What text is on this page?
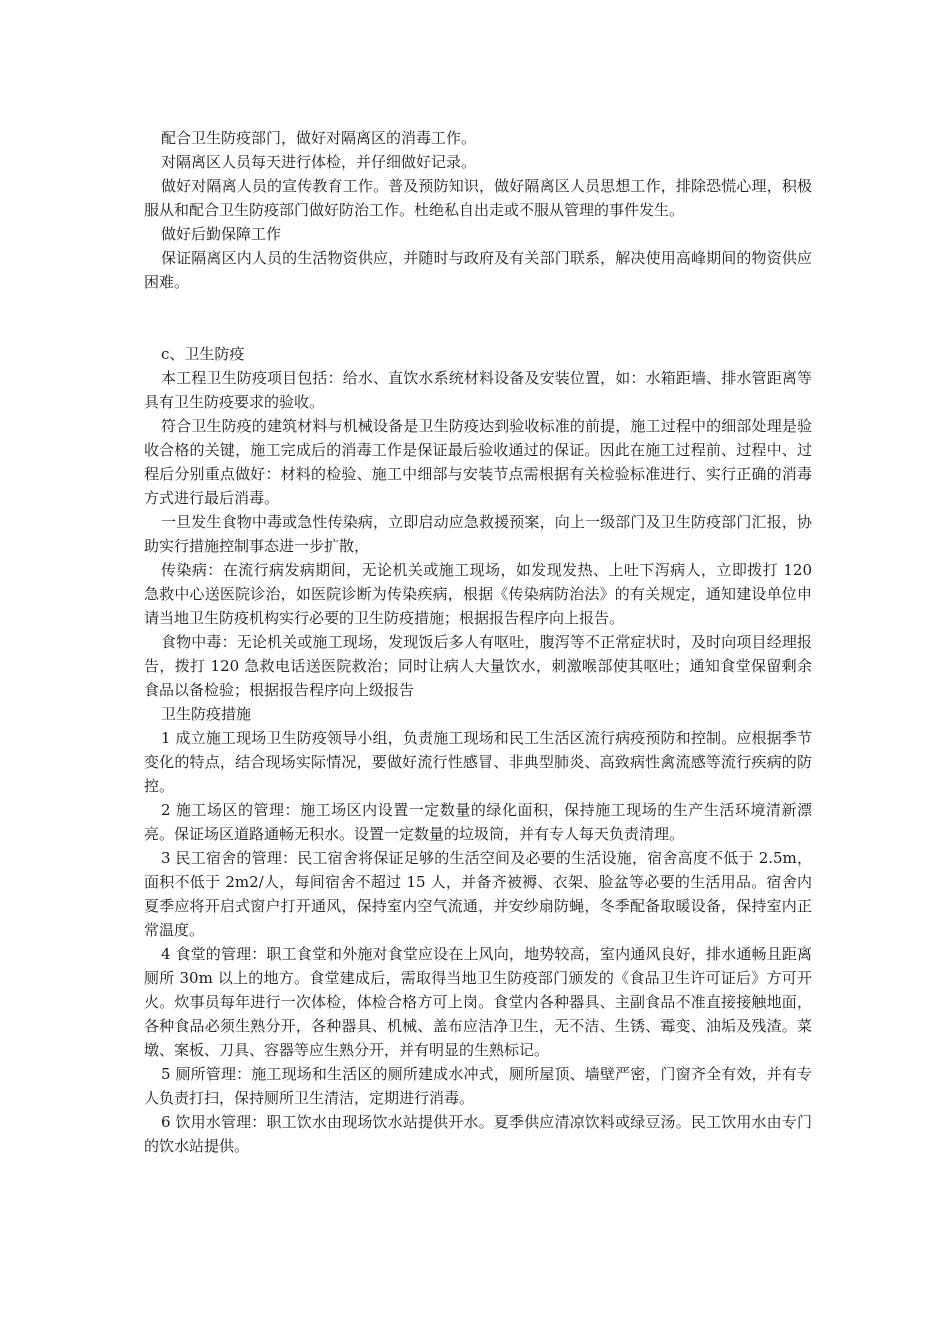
配合卫生防疫部门，做好对隔离区的消毒工作。

对隔离区人员每天进行体检，并仔细做好记录。

做好对隔离人员的宣传教育工作。普及预防知识，做好隔离区人员思想工作，排除恐慌心理，积极服从和配合卫生防疫部门做好防治工作。杜绝私自出走或不服从管理的事件发生。

做好后勤保障工作

保证隔离区内人员的生活物资供应，并随时与政府及有关部门联系，解决使用高峰期间的物资供应困难。

c、卫生防疫

本工程卫生防疫项目包括：给水、直饮水系统材料设备及安装位置，如：水箱距墙、排水管距离等具有卫生防疫要求的验收。

符合卫生防疫的建筑材料与机械设备是卫生防疫达到验收标准的前提，施工过程中的细部处理是验收合格的关键，施工完成后的消毒工作是保证最后验收通过的保证。因此在施工过程前、过程中、过程后分别重点做好：材料的检验、施工中细部与安装节点需根据有关检验标准进行、实行正确的消毒方式进行最后消毒。

一旦发生食物中毒或急性传染病，立即启动应急救援预案，向上一级部门及卫生防疫部门汇报，协助实行措施控制事态进一步扩散，

传染病：在流行病发病期间，无论机关或施工现场，如发现发热、上吐下泻病人，立即拨打 120 急救中心送医院诊治，如医院诊断为传染疾病，根据《传染病防治法》的有关规定，通知建设单位申请当地卫生防疫机构实行必要的卫生防疫措施；根据报告程序向上报告。

食物中毒：无论机关或施工现场，发现饭后多人有呕吐，腹泻等不正常症状时，及时向项目经理报告，拨打 120 急救电话送医院救治；同时让病人大量饮水，刺激喉部使其呕吐；通知食堂保留剩余食品以备检验；根据报告程序向上级报告

卫生防疫措施

1 成立施工现场卫生防疫领导小组，负责施工现场和民工生活区流行病疫预防和控制。应根据季节变化的特点，结合现场实际情况，要做好流行性感冒、非典型肺炎、高致病性禽流感等流行疾病的防控。

2 施工场区的管理：施工场区内设置一定数量的绿化面积，保持施工现场的生产生活环境清新漂亮。保证场区道路通畅无积水。设置一定数量的垃圾筒，并有专人每天负责清理。

3 民工宿舍的管理：民工宿舍将保证足够的生活空间及必要的生活设施，宿舍高度不低于 2.5m，面积不低于 2m2/人，每间宿舍不超过 15 人，并备齐被褥、衣架、脸盆等必要的生活用品。宿舍内夏季应将开启式窗户打开通风，保持室内空气流通，并安纱扇防蝇，冬季配备取暖设备，保持室内正常温度。

4 食堂的管理：职工食堂和外施对食堂应设在上风向，地势较高，室内通风良好，排水通畅且距离厕所 30m 以上的地方。食堂建成后，需取得当地卫生防疫部门颁发的《食品卫生许可证后》方可开火。炊事员每年进行一次体检，体检合格方可上岗。食堂内各种器具、主副食品不准直接接触地面，各种食品必须生熟分开，各种器具、机械、盖布应洁净卫生，无不洁、生锈、霉变、油垢及残渣。菜墩、案板、刀具、容器等应生熟分开，并有明显的生熟标记。

5 厕所管理：施工现场和生活区的厕所建成水冲式，厕所屋顶、墙壁严密，门窗齐全有效，并有专人负责打扫，保持厕所卫生清洁，定期进行消毒。

6 饮用水管理：职工饮水由现场饮水站提供开水。夏季供应清凉饮料或绿豆汤。民工饮用水由专门的饮水站提供。
